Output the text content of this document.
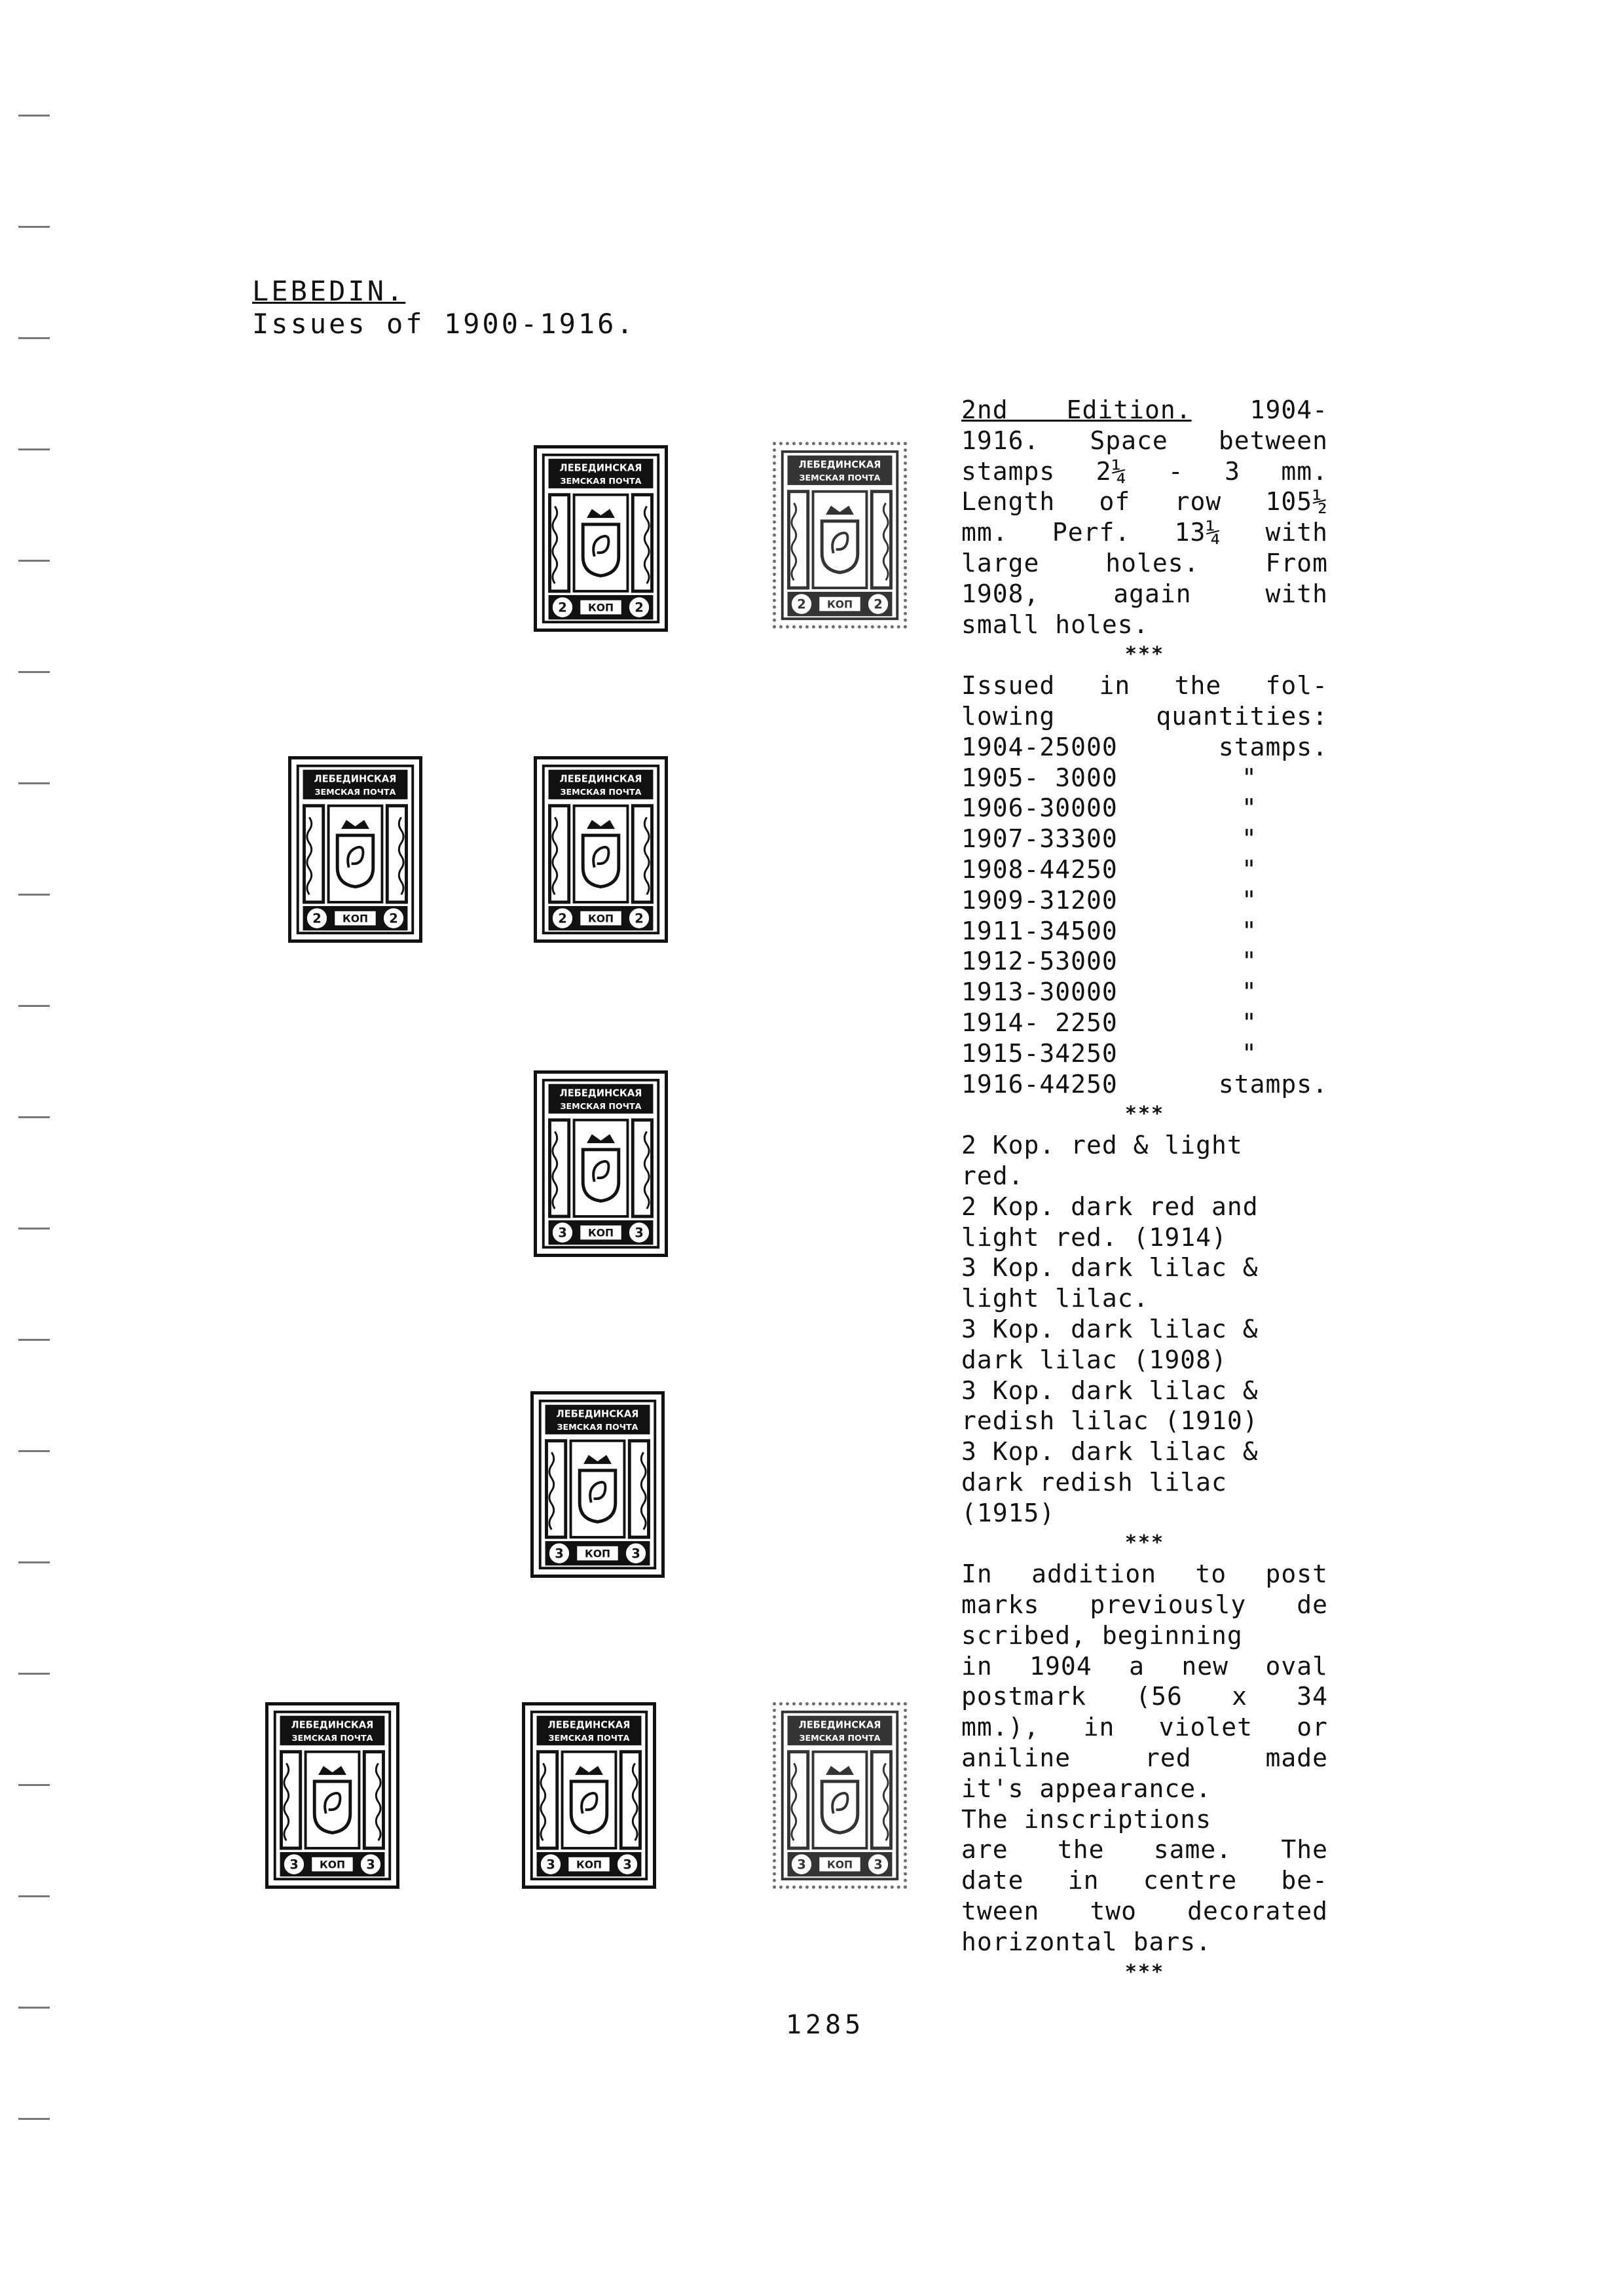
LEBEDIN.
Issues of 1900-1916.
ЛЕБЕДИНСКАЯ
ЗЕМСКАЯ ПОЧТА
2	2
КОП
ЛЕБЕДИНСКАЯ
ЗЕМСКАЯ ПОЧТА
2	2
КОП
ЛЕБЕДИНСКАЯ
ЗЕМСКАЯ ПОЧТА
2	2
КОП
ЛЕБЕДИНСКАЯ
ЗЕМСКАЯ ПОЧТА
2	2
КОП
ЛЕБЕДИНСКАЯ
ЗЕМСКАЯ ПОЧТА
3	3
КОП
ЛЕБЕДИНСКАЯ
ЗЕМСКАЯ ПОЧТА
3	3
КОП
ЛЕБЕДИНСКАЯ
ЗЕМСКАЯ ПОЧТА
3	3
КОП
ЛЕБЕДИНСКАЯ
ЗЕМСКАЯ ПОЧТА
3	3
КОП
ЛЕБЕДИНСКАЯ
ЗЕМСКАЯ ПОЧТА
3	3
КОП

2nd Edition. 1904-

1916. Space between

stamps 2¼ - 3 mm.

Length of row 105½

mm. Perf. 13¼ with

large holes. From

1908, again with

small holes.

***

Issued in the fol-

lowing quantities:

1904-25000	stamps.
1905- 3000	"
1906-30000	"
1907-33300	"
1908-44250	"
1909-31200	"
1911-34500	"
1912-53000	"
1913-30000	"
1914- 2250	"
1915-34250	"
1916-44250	stamps.

***

2 Kop. red & light

red.

2 Kop. dark red and

light red. (1914)

3 Kop. dark lilac &

light lilac.

3 Kop. dark lilac &

dark lilac (1908)

3 Kop. dark lilac &

redish lilac (1910)

3 Kop. dark lilac &

dark redish lilac

(1915)

***

In addition to post

marks previously de

scribed, beginning

in 1904 a new oval

postmark (56 x 34

mm.), in violet or

aniline red made

it's appearance.

The inscriptions

are the same. The

date in centre be-

tween two decorated

horizontal bars.

***

1285
